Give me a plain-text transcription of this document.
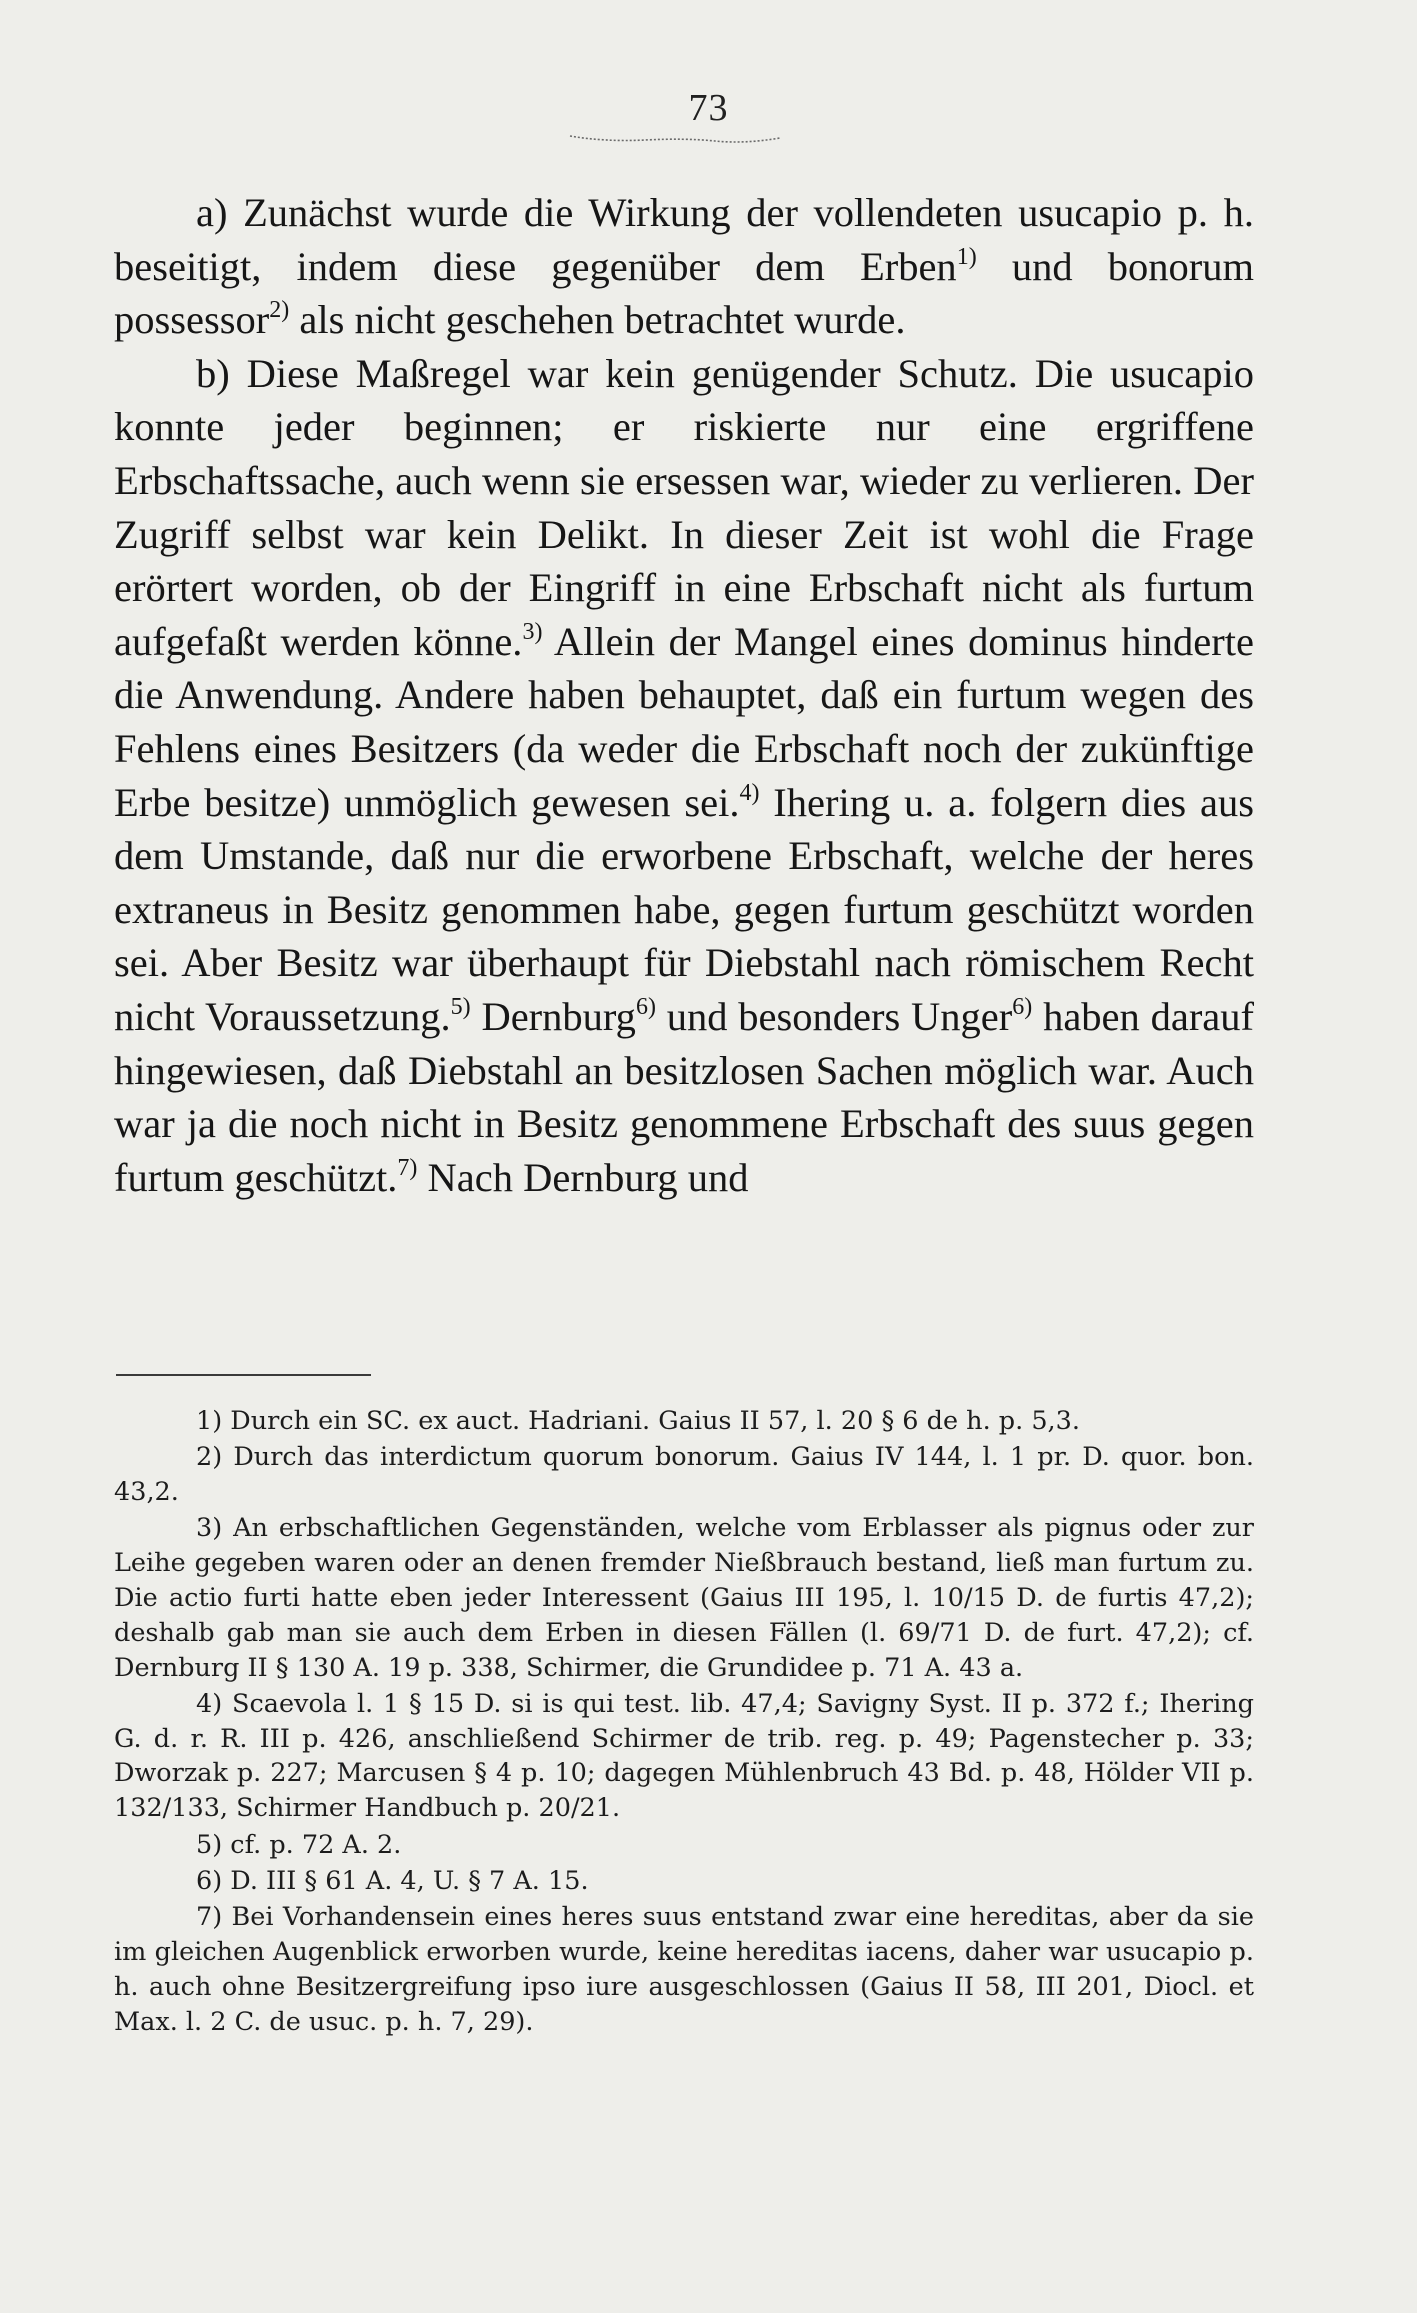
73

a) Zunächst wurde die Wirkung der vollendeten usucapio p. h. beseitigt, indem diese gegenüber dem Erben$^{1)}$ und bonorum possessor$^{2)}$ als nicht geschehen betrachtet wurde.

b) Diese Maßregel war kein genügender Schutz. Die usucapio konnte jeder beginnen; er riskierte nur eine ergriffene Erbschaftssache, auch wenn sie ersessen war, wieder zu verlieren. Der Zugriff selbst war kein Delikt. In dieser Zeit ist wohl die Frage erörtert worden, ob der Eingriff in eine Erbschaft nicht als furtum aufgefaßt werden könne.$^{3)}$ Allein der Mangel eines dominus hinderte die Anwendung. Andere haben behauptet, daß ein furtum wegen des Fehlens eines Besitzers (da weder die Erbschaft noch der zukünftige Erbe besitze) unmöglich gewesen sei.$^{4)}$ Ihering u. a. folgern dies aus dem Umstande, daß nur die erworbene Erbschaft, welche der heres extraneus in Besitz genommen habe, gegen furtum geschützt worden sei. Aber Besitz war überhaupt für Diebstahl nach römischem Recht nicht Voraussetzung.$^{5)}$ Dernburg$^{6)}$ und besonders Unger$^{6)}$ haben darauf hingewiesen, daß Diebstahl an besitzlosen Sachen möglich war. Auch war ja die noch nicht in Besitz genommene Erbschaft des suus gegen furtum geschützt.$^{7)}$ Nach Dernburg und

1) Durch ein SC. ex auct. Hadriani. Gaius II 57, l. 20 § 6 de h. p. 5,3.

2) Durch das interdictum quorum bonorum. Gaius IV 144, l. 1 pr. D. quor. bon. 43,2.

3) An erbschaftlichen Gegenständen, welche vom Erblasser als pignus oder zur Leihe gegeben waren oder an denen fremder Nießbrauch bestand, ließ man furtum zu. Die actio furti hatte eben jeder Interessent (Gaius III 195, l. 10/15 D. de furtis 47,2); deshalb gab man sie auch dem Erben in diesen Fällen (l. 69/71 D. de furt. 47,2); cf. Dernburg II § 130 A. 19 p. 338, Schirmer, die Grundidee p. 71 A. 43 a.

4) Scaevola l. 1 § 15 D. si is qui test. lib. 47,4; Savigny Syst. II p. 372 f.; Ihering G. d. r. R. III p. 426, anschließend Schirmer de trib. reg. p. 49; Pagenstecher p. 33; Dworzak p. 227; Marcusen § 4 p. 10; dagegen Mühlenbruch 43 Bd. p. 48, Hölder VII p. 132/133, Schirmer Handbuch p. 20/21.

5) cf. p. 72 A. 2.

6) D. III § 61 A. 4, U. § 7 A. 15.

7) Bei Vorhandensein eines heres suus entstand zwar eine hereditas, aber da sie im gleichen Augenblick erworben wurde, keine hereditas iacens, daher war usucapio p. h. auch ohne Besitzergreifung ipso iure ausgeschlossen (Gaius II 58, III 201, Diocl. et Max. l. 2 C. de usuc. p. h. 7, 29).
